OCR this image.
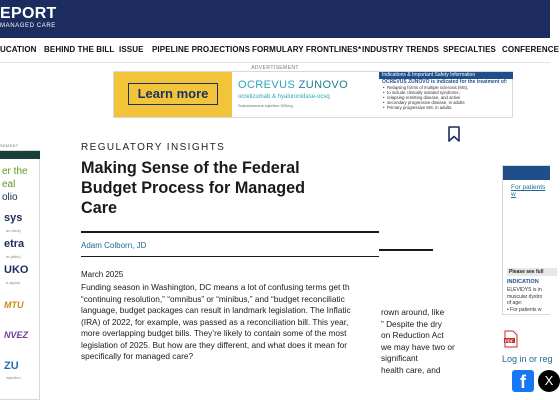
EPORT
MANAGED CARE
UCATION BEHIND THE BILL ISSUE PIPELINE PROJECTIONS FORMULARY FRONTLINES* INDUSTRY TRENDS SPECIALTIES CONFERENCE
ADVERTISEMENT
Learn more
OCREVUS ZUNOVO
ocrelizumab & hyaluronidase-ocsq
Subcutaneous injection 920mg
Indications & Important Safety Information
OCREVUS ZUNOVO is indicated for the treatment of:
• Relapsing forms of multiple sclerosis (MS),
• to include clinically isolated syndrome,
• relapsing-remitting disease, and active
• secondary progressive disease, in adults
• Primary progressive MS, in adults.
SEMENT
er the
eal
olio
sys
an-rhbk)
etra
m-pbbk)
UKO
b-ayow)
MTU
NVEZ
ZU
injection
REGULATORY INSIGHTS
Making Sense of the Federal Budget Process for Managed Care
Adam Colborn, JD
March 2025

rown around, like

” Despite the dry

on Reduction Act

we may have two or

significant

health care, and

Funding season in Washington, DC means a lot of confusing terms get th

“continuing resolution,” “omnibus” or “minibus,” and “budget reconciliatic

language, budget packages can result in landmark legislation. The Inflatic

(IRA) of 2022, for example, was passed as a reconciliation bill. This year,

more overlapping budget bills. They’re likely to contain some of the most

legislation of 2025. But how are they different, and what does it mean for

specifically for managed care?

For patients w
Please see full
INDICATION
ELEVIDYS is in
muscular dystro
of age:
• For patients w
PDF
Log in or reg
f	X
